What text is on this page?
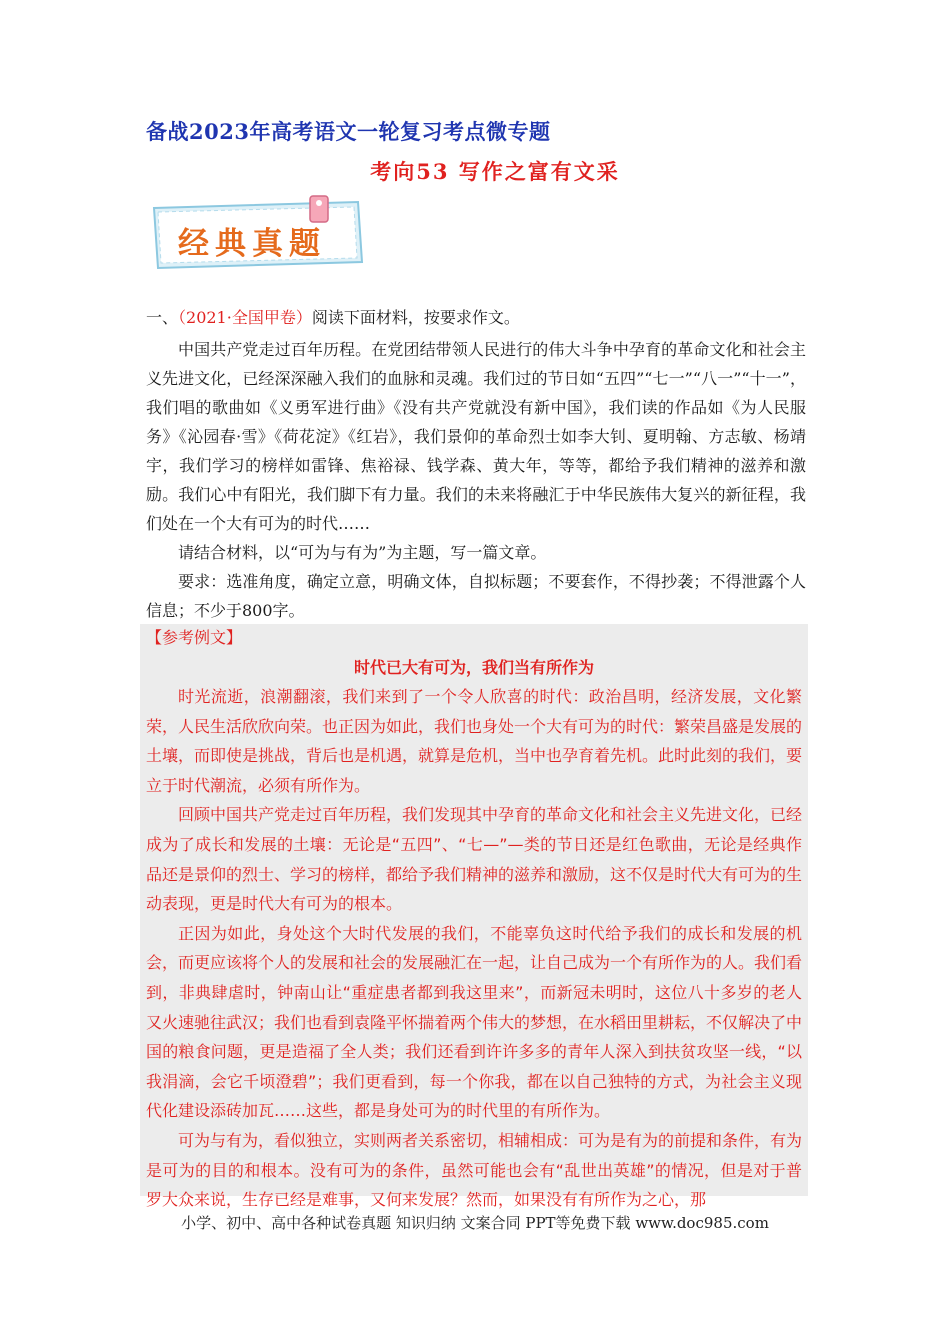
备战2023年高考语文一轮复习考点微专题
考向53 写作之富有文采
经典真题
一、（2021·全国甲卷）阅读下面材料，按要求作文。

中国共产党走过百年历程。在党团结带领人民进行的伟大斗争中孕育的革命文化和社会主义先进文化，已经深深融入我们的血脉和灵魂。我们过的节日如“五四”“七一”“八一”“十一”，我们唱的歌曲如《义勇军进行曲》《没有共产党就没有新中国》，我们读的作品如《为人民服务》《沁园春·雪》《荷花淀》《红岩》，我们景仰的革命烈士如李大钊、夏明翰、方志敏、杨靖宇，我们学习的榜样如雷锋、焦裕禄、钱学森、黄大年，等等，都给予我们精神的滋养和激励。我们心中有阳光，我们脚下有力量。我们的未来将融汇于中华民族伟大复兴的新征程，我们处在一个大有可为的时代……

请结合材料，以“可为与有为”为主题，写一篇文章。

要求：选准角度，确定立意，明确文体，自拟标题；不要套作，不得抄袭；不得泄露个人信息；不少于800字。

【参考例文】
时代已大有可为，我们当有所作为

时光流逝，浪潮翻滚，我们来到了一个令人欣喜的时代：政治昌明，经济发展，文化繁荣，人民生活欣欣向荣。也正因为如此，我们也身处一个大有可为的时代：繁荣昌盛是发展的土壤，而即使是挑战，背后也是机遇，就算是危机，当中也孕育着先机。此时此刻的我们，要立于时代潮流，必须有所作为。

回顾中国共产党走过百年历程，我们发现其中孕育的革命文化和社会主义先进文化，已经成为了成长和发展的土壤：无论是“五四”、“七—”—类的节日还是红色歌曲，无论是经典作品还是景仰的烈士、学习的榜样，都给予我们精神的滋养和激励，这不仅是时代大有可为的生动表现，更是时代大有可为的根本。

正因为如此，身处这个大时代发展的我们，不能辜负这时代给予我们的成长和发展的机会，而更应该将个人的发展和社会的发展融汇在一起，让自己成为一个有所作为的人。我们看到，非典肆虐时，钟南山让“重症患者都到我这里来”，而新冠未明时，这位八十多岁的老人又火速驰往武汉；我们也看到袁隆平怀揣着两个伟大的梦想，在水稻田里耕耘，不仅解决了中国的粮食问题，更是造福了全人类；我们还看到许许多多的青年人深入到扶贫攻坚一线，“以我涓滴，会它千顷澄碧”；我们更看到，每一个你我，都在以自己独特的方式，为社会主义现代化建设添砖加瓦……这些，都是身处可为的时代里的有所作为。

可为与有为，看似独立，实则两者关系密切，相辅相成：可为是有为的前提和条件，有为是可为的目的和根本。没有可为的条件，虽然可能也会有“乱世出英雄”的情况，但是对于普罗大众来说，生存已经是难事，又何来发展？然而，如果没有有所作为之心，那

小学、初中、高中各种试卷真题 知识归纳 文案合同 PPT等免费下载 www.doc985.com
